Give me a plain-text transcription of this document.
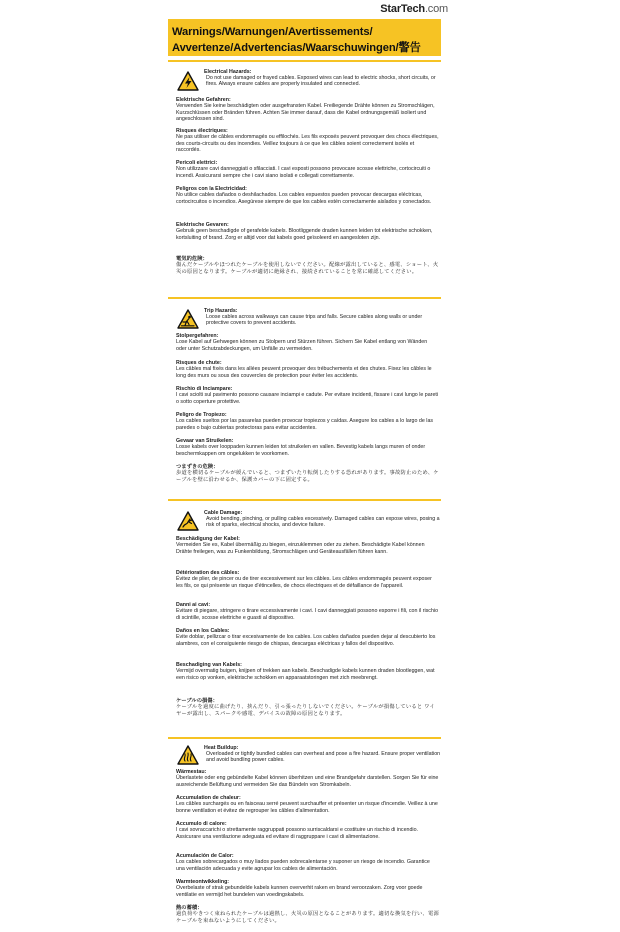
StarTech.com
Warnings/Warnungen/Avertissements/
Avvertenze/Advertencias/Waarschuwingen/警告
Electrical Hazards:
Do not use damaged or frayed cables. Exposed wires can lead to electric shocks, short circuits, or fires. Always ensure cables are properly insulated and connected.
Elektrische Gefahren:
Verwenden Sie keine beschädigten oder ausgefransten Kabel. Freiliegende Drähte können zu Stromschlägen, Kurzschlüssen oder Bränden führen. Achten Sie immer darauf, dass die Kabel ordnungsgemäß isoliert und angeschlossen sind.
Risques électriques:
Ne pas utiliser de câbles endommagés ou effilochés. Les fils exposés peuvent provoquer des chocs électriques, des courts-circuits ou des incendies. Veillez toujours à ce que les câbles soient correctement isolés et raccordés.
Pericoli elettrici:
Non utilizzare cavi danneggiati o sfilacciati. I cavi esposti possono provocare scosse elettriche, cortocircuiti o incendi. Assicurarsi sempre che i cavi siano isolati e collegati correttamente.
Peligros con la Electricidad:
No utilice cables dañados o deshilachados. Los cables expuestos pueden provocar descargas eléctricas, cortocircuitos o incendios. Asegúrese siempre de que los cables estén correctamente aislados y conectados.
Elektrische Gevaren:
Gebruik geen beschadigde of gerafelde kabels. Blootliggende draden kunnen leiden tot elektrische schokken, kortsluiting of brand. Zorg er altijd voor dat kabels goed geïsoleerd en aangesloten zijn.
電気的危険：
傷んだケーブルやほつれたケーブルを使用しないでください。配線が露出していると、感電、ショート、火災の原因となります。ケーブルが適切に絶縁され、接続されていることを常に確認してください。
Trip Hazards:
Loose cables across walkways can cause trips and falls. Secure cables along walls or under protective covers to prevent accidents.
Stolpergefahren:
Lose Kabel auf Gehwegen können zu Stolpern und Stürzen führen. Sichern Sie Kabel entlang von Wänden oder unter Schutzabdeckungen, um Unfälle zu vermeiden.
Risques de chute:
Les câbles mal fixés dans les allées peuvent provoquer des trébuchements et des chutes. Fixez les câbles le long des murs ou sous des couvercles de protection pour éviter les accidents.
Rischio di Inciampare:
I cavi sciolti sul pavimento possono causare inciampi e cadute. Per evitare incidenti, fissare i cavi lungo le pareti o sotto coperture protettive.
Peligro de Tropiezo:
Los cables sueltos por las pasarelas pueden provocar tropiezos y caídas. Asegure los cables a lo largo de las paredes o bajo cubiertas protectoras para evitar accidentes.
Gevaar van Struikelen:
Losse kabels over looppaden kunnen leiden tot struikelen en vallen. Bevestig kabels langs muren of onder beschermkappen om ongelukken te voorkomen.
つまずきの危険：
歩道を横切るケーブルが緩んでいると、つまずいたり転倒したりする恐れがあります。事故防止のため、ケーブルを壁に沿わせるか、保護カバーの下に固定する。
Cable Damage:
Avoid bending, pinching, or pulling cables excessively. Damaged cables can expose wires, posing a risk of sparks, electrical shocks, and device failure.
Beschädigung der Kabel:
Vermeiden Sie es, Kabel übermäßig zu biegen, einzuklemmen oder zu ziehen. Beschädigte Kabel können Drähte freilegen, was zu Funkenbildung, Stromschlägen und Geräteausfällen führen kann.
Détérioration des câbles:
Évitez de plier, de pincer ou de tirer excessivement sur les câbles. Les câbles endommagés peuvent exposer les fils, ce qui présente un risque d'étincelles, de chocs électriques et de défaillance de l'appareil.
Danni ai cavi:
Evitare di piegare, stringere o tirare eccessivamente i cavi. I cavi danneggiati possono esporre i fili, con il rischio di scintille, scosse elettriche e guasti al dispositivo.
Daños en los Cables:
Evite doblar, pellizcar o tirar excesivamente de los cables. Los cables dañados pueden dejar al descubierto los alambres, con el consiguiente riesgo de chispas, descargas eléctricas y fallos del dispositivo.
Beschadiging van Kabels:
Vermijd overmatig buigen, knijpen of trekken aan kabels. Beschadigde kabels kunnen draden blootleggen, wat een risico op vonken, elektrische schokken en apparaatstoringen met zich meebrengt.
ケーブルの損傷：
ケーブルを過度に曲げたり、挟んだり、引っ張ったりしないでください。ケーブルが損傷していると ワイヤーが露出し、スパークや感電、デバイスの故障の原因となります。
Heat Buildup:
Overloaded or tightly bundled cables can overheat and pose a fire hazard. Ensure proper ventilation and avoid bundling power cables.
Wärmestau:
Überlastete oder eng gebündelte Kabel können überhitzen und eine Brandgefahr darstellen. Sorgen Sie für eine ausreichende Belüftung und vermeiden Sie das Bündeln von Stromkabeln.
Accumulation de chaleur:
Les câbles surchargés ou en faisceau serré peuvent surchauffer et présenter un risque d'incendie. Veillez à une bonne ventilation et évitez de regrouper les câbles d'alimentation.
Accumulo di calore:
I cavi sovraccarichi o strettamente raggruppati possono surriscaldarsi e costituire un rischio di incendio. Assicurare una ventilazione adeguata ed evitare di raggruppare i cavi di alimentazione.
Acumulación de Calor:
Los cables sobrecargados o muy liados pueden sobrecalentarse y suponer un riesgo de incendio. Garantice una ventilación adecuada y evite agrupar los cables de alimentación.
Warmteontwikkeling:
Overbelaste of strak gebundelde kabels kunnen oververhit raken en brand veroorzaken. Zorg voor goede ventilatie en vermijd het bundelen van voedingskabels.
熱の蓄積：
過負荷やきつく束ねられたケーブルは過熱し、火災の原因となることがあります。適切な換気を行い、電源ケーブルを束ねないようにしてください。
